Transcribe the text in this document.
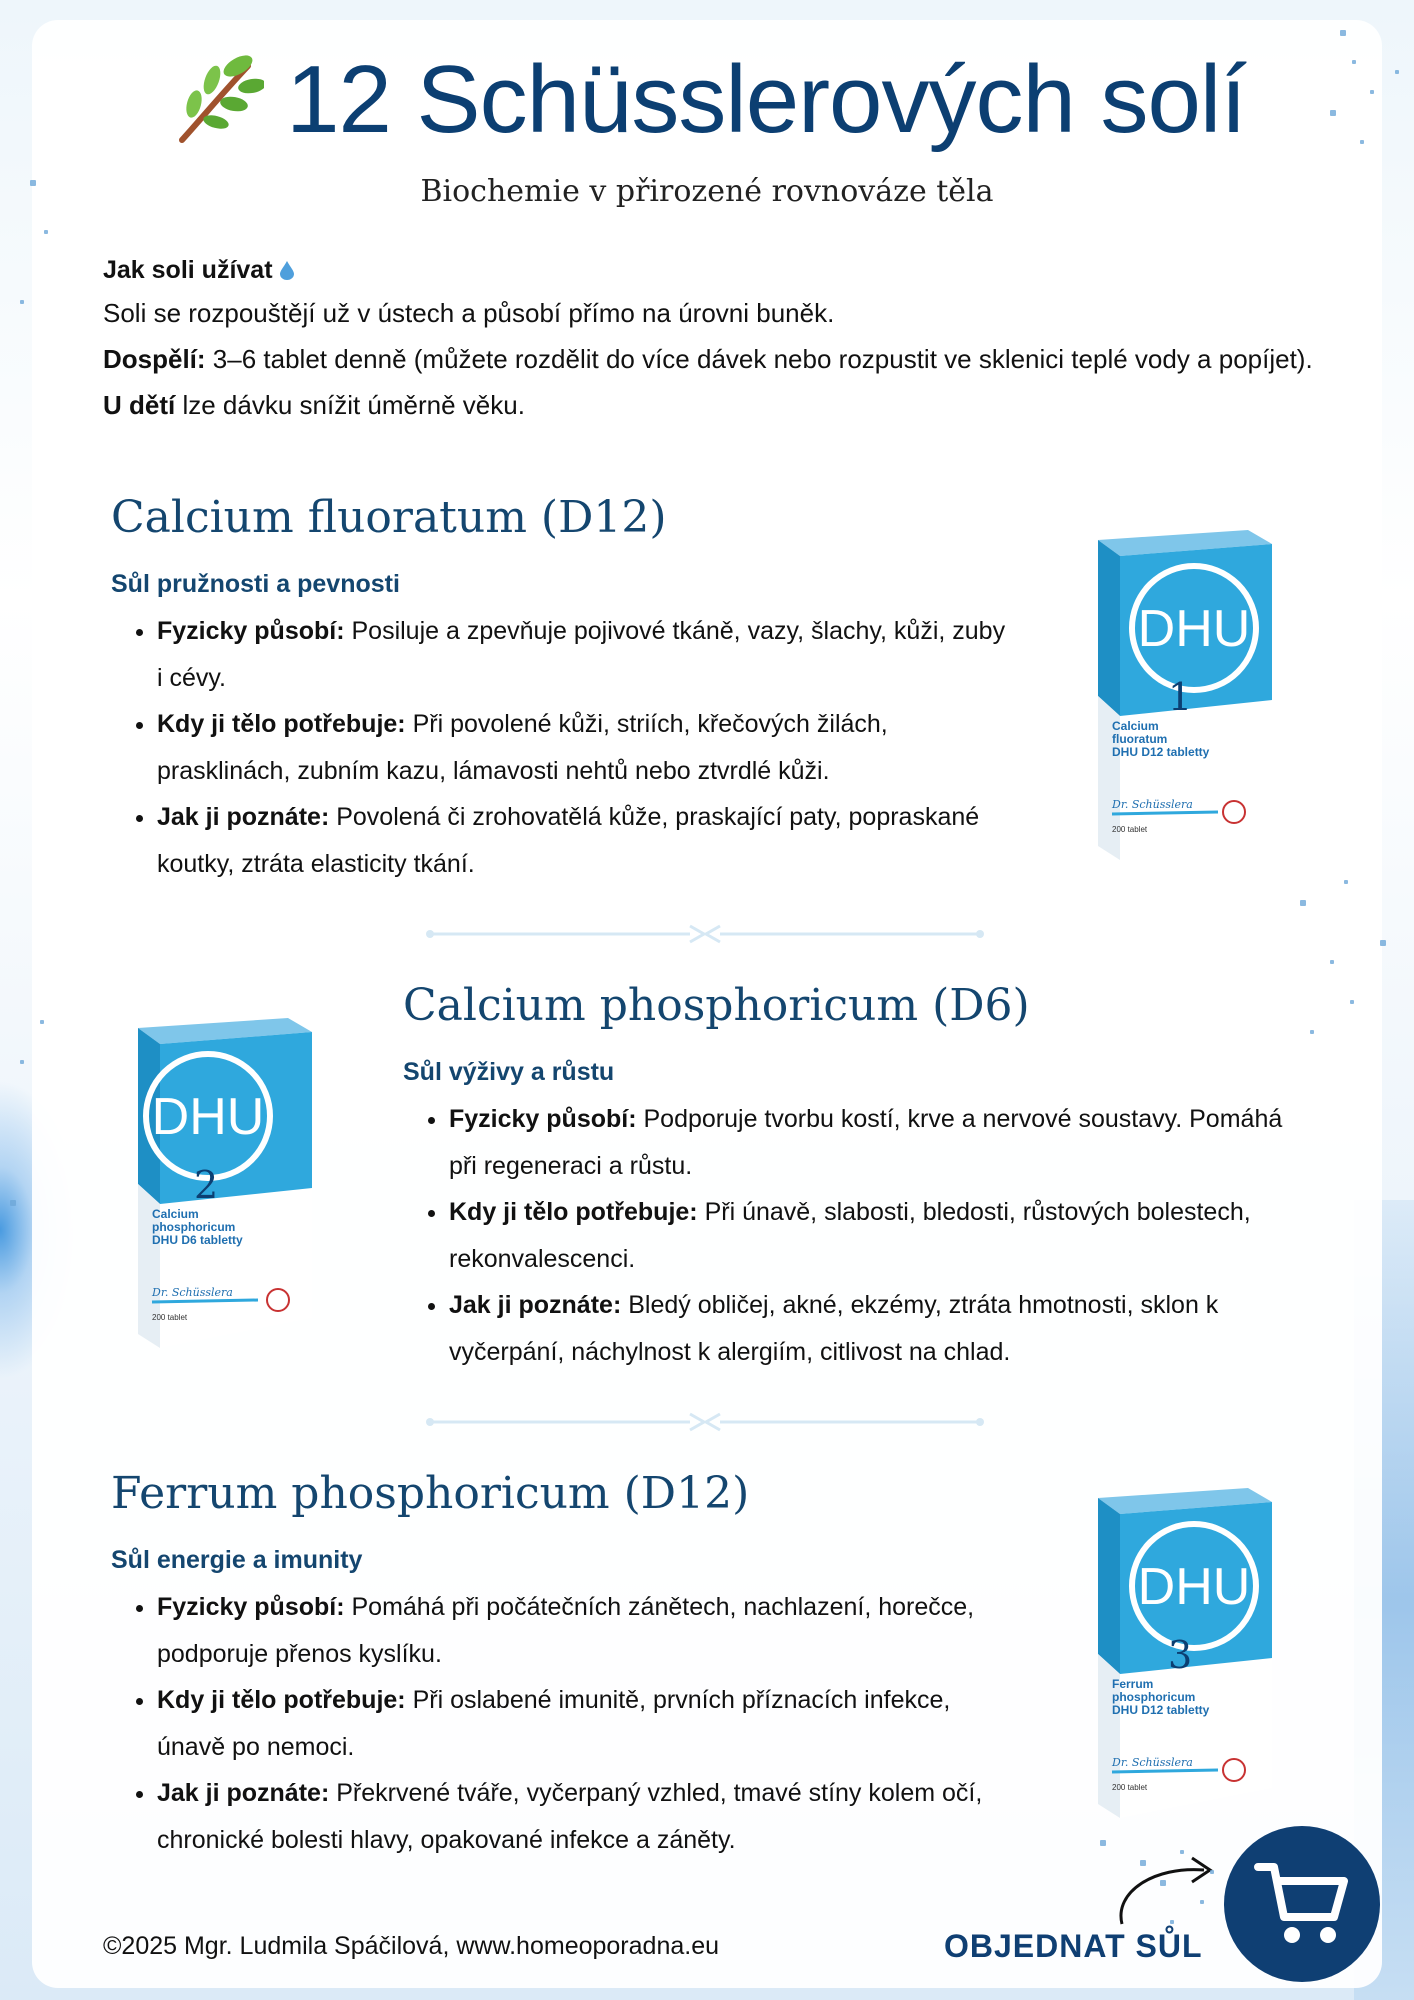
12 Schüsslerových solí
Biochemie v přirozené rovnováze těla
Jak soli užívat

Soli se rozpouštějí už v ústech a působí přímo na úrovni buněk.

Dospělí: 3–6 tablet denně (můžete rozdělit do více dávek nebo rozpustit ve sklenici teplé vody a popíjet). U dětí lze dávku snížit úměrně věku.

Calcium fluoratum (D12)
Sůl pružnosti a pevnosti
• Fyzicky působí: Posiluje a zpevňuje pojivové tkáně, vazy, šlachy, kůži, zuby i cévy.
• Kdy ji tělo potřebuje: Při povolené kůži, striích, křečových žilách, prasklinách, zubním kazu, lámavosti nehtů nebo ztvrdlé kůži.
• Jak ji poznáte: Povolená či zrohovatělá kůže, praskající paty, popraskané koutky, ztráta elasticity tkání.
DHU
1
Calcium
fluoratum
DHU D12 tabletty
Dr. Schüsslera
200 tablet
Calcium phosphoricum (D6)
Sůl výživy a růstu
• Fyzicky působí: Podporuje tvorbu kostí, krve a nervové soustavy. Pomáhá při regeneraci a růstu.
• Kdy ji tělo potřebuje: Při únavě, slabosti, bledosti, růstových bolestech, rekonvalescenci.
• Jak ji poznáte: Bledý obličej, akné, ekzémy, ztráta hmotnosti, sklon k vyčerpání, náchylnost k alergiím, citlivost na chlad.
DHU
2
Calcium
phosphoricum
DHU D6 tabletty
Dr. Schüsslera
200 tablet
Ferrum phosphoricum (D12)
Sůl energie a imunity
• Fyzicky působí: Pomáhá při počátečních zánětech, nachlazení, horečce, podporuje přenos kyslíku.
• Kdy ji tělo potřebuje: Při oslabené imunitě, prvních příznacích infekce, únavě po nemoci.
• Jak ji poznáte: Překrvené tváře, vyčerpaný vzhled, tmavé stíny kolem očí, chronické bolesti hlavy, opakované infekce a záněty.
DHU
3
Ferrum
phosphoricum
DHU D12 tabletty
Dr. Schüsslera
200 tablet
©2025 Mgr. Ludmila Spáčilová, www.homeoporadna.eu	OBJEDNAT SŮL
